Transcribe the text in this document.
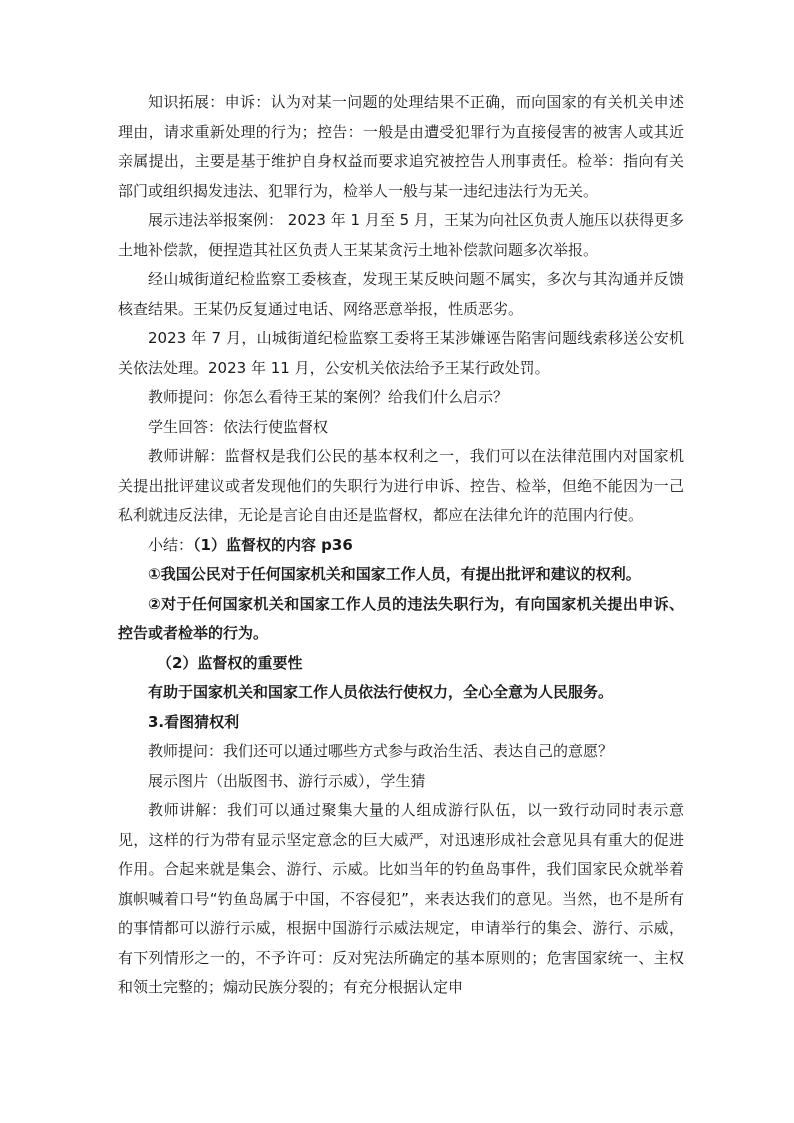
知识拓展：申诉：认为对某一问题的处理结果不正确，而向国家的有关机关申述理由，请求重新处理的行为；控告：一般是由遭受犯罪行为直接侵害的被害人或其近亲属提出，主要是基于维护自身权益而要求追究被控告人刑事责任。检举：指向有关部门或组织揭发违法、犯罪行为，检举人一般与某一违纪违法行为无关。

展示违法举报案例： 2023 年 1 月至 5 月，王某为向社区负责人施压以获得更多土地补偿款，便捏造其社区负责人王某某贪污土地补偿款问题多次举报。

经山城街道纪检监察工委核查，发现王某反映问题不属实，多次与其沟通并反馈核查结果。王某仍反复通过电话、网络恶意举报，性质恶劣。

2023 年 7 月，山城街道纪检监察工委将王某涉嫌诬告陷害问题线索移送公安机关依法处理。2023 年 11 月，公安机关依法给予王某行政处罚。

教师提问：你怎么看待王某的案例？给我们什么启示？

学生回答：依法行使监督权

教师讲解：监督权是我们公民的基本权利之一，我们可以在法律范围内对国家机关提出批评建议或者发现他们的失职行为进行申诉、控告、检举，但绝不能因为一己私利就违反法律，无论是言论自由还是监督权，都应在法律允许的范围内行使。

小结：（1）监督权的内容 p36

①我国公民对于任何国家机关和国家工作人员，有提出批评和建议的权利。

②对于任何国家机关和国家工作人员的违法失职行为，有向国家机关提出申诉、控告或者检举的行为。

（2）监督权的重要性

有助于国家机关和国家工作人员依法行使权力，全心全意为人民服务。

3.看图猜权利

教师提问：我们还可以通过哪些方式参与政治生活、表达自己的意愿？

展示图片（出版图书、游行示威），学生猜

教师讲解：我们可以通过聚集大量的人组成游行队伍，以一致行动同时表示意见，这样的行为带有显示坚定意念的巨大威严，对迅速形成社会意见具有重大的促进作用。合起来就是集会、游行、示威。比如当年的钓鱼岛事件，我们国家民众就举着旗帜喊着口号“钓鱼岛属于中国，不容侵犯”，来表达我们的意见。当然，也不是所有的事情都可以游行示威，根据中国游行示威法规定，申请举行的集会、游行、示威，有下列情形之一的，不予许可：反对宪法所确定的基本原则的；危害国家统一、主权和领土完整的；煽动民族分裂的；有充分根据认定申
